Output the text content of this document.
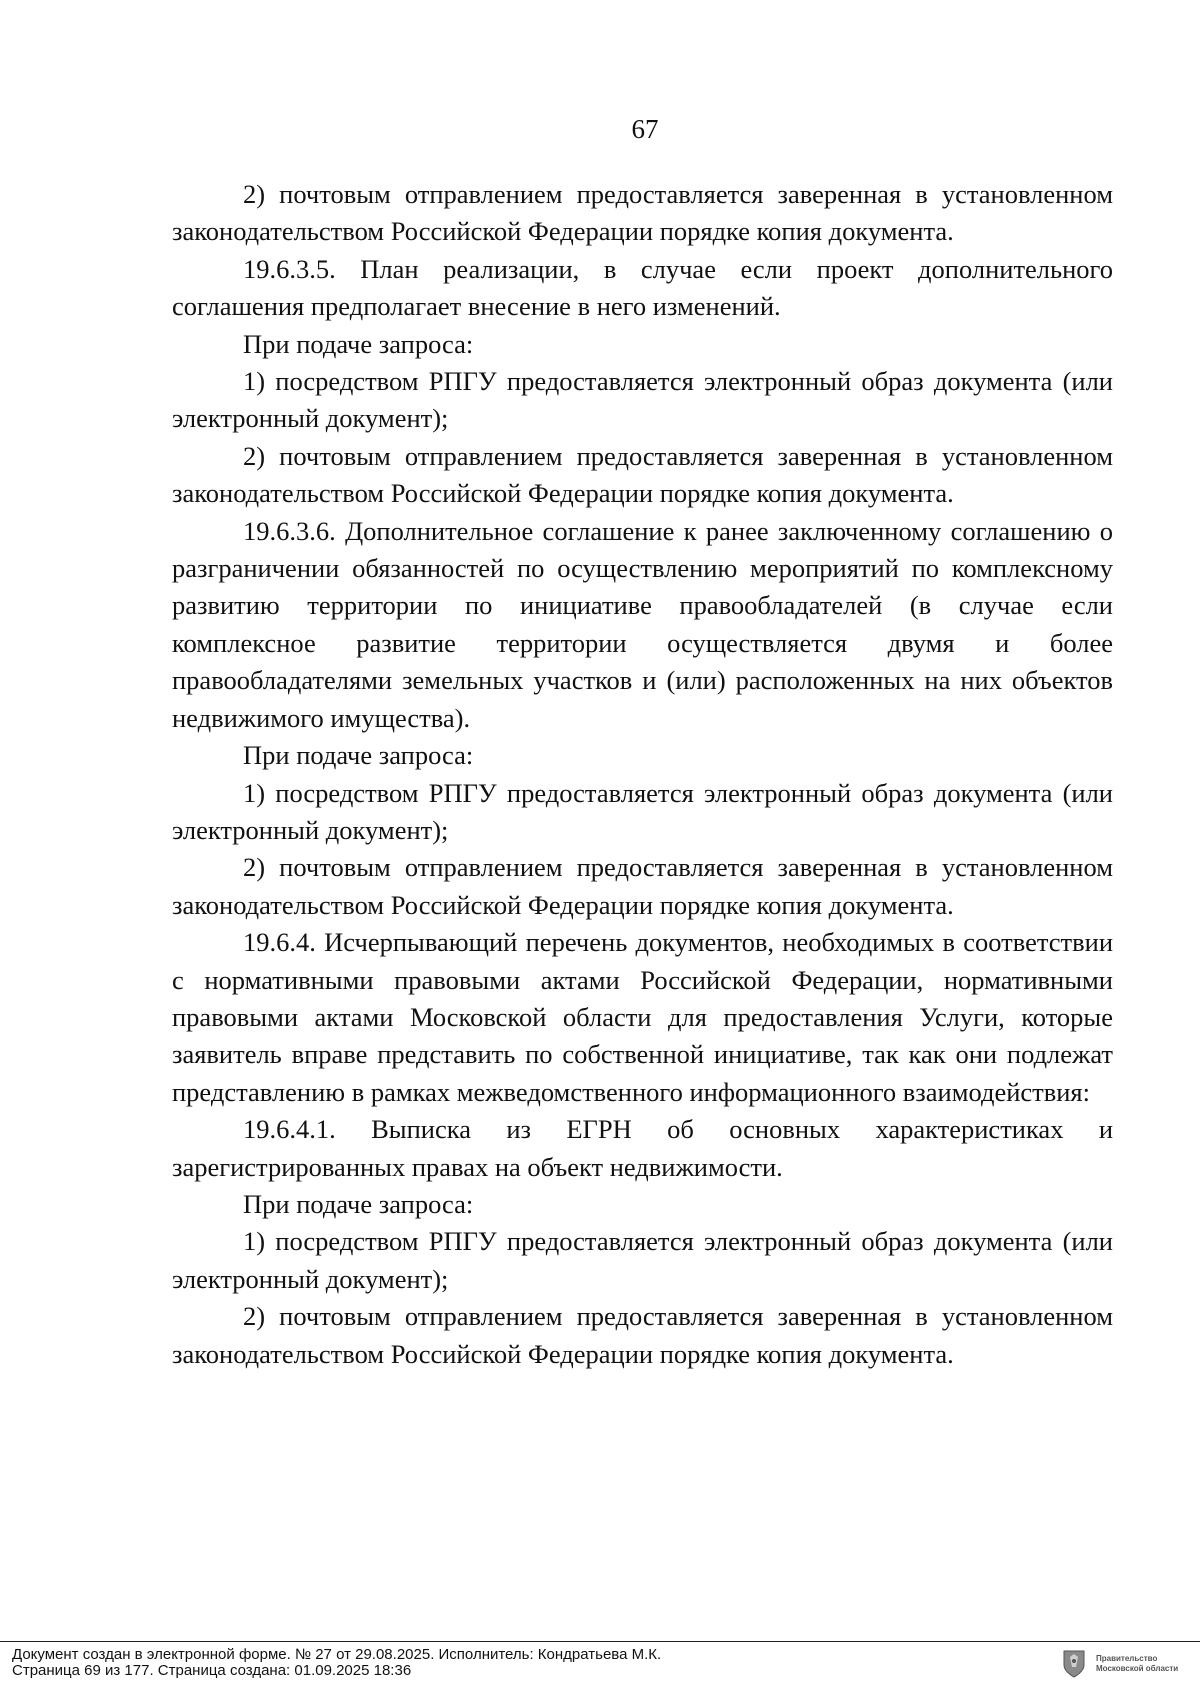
67

2) почтовым отправлением предоставляется заверенная в установленном законодательством Российской Федерации порядке копия документа.

19.6.3.5. План реализации, в случае если проект дополнительного соглашения предполагает внесение в него изменений.

При подаче запроса:

1) посредством РПГУ предоставляется электронный образ документа (или электронный документ);

2) почтовым отправлением предоставляется заверенная в установленном законодательством Российской Федерации порядке копия документа.

19.6.3.6. Дополнительное соглашение к ранее заключенному соглашению о разграничении обязанностей по осуществлению мероприятий по комплексному развитию территории по инициативе правообладателей (в случае если комплексное развитие территории осуществляется двумя и более правообладателями земельных участков и (или) расположенных на них объектов недвижимого имущества).

При подаче запроса:

1) посредством РПГУ предоставляется электронный образ документа (или электронный документ);

2) почтовым отправлением предоставляется заверенная в установленном законодательством Российской Федерации порядке копия документа.

19.6.4. Исчерпывающий перечень документов, необходимых в соответствии с нормативными правовыми актами Российской Федерации, нормативными правовыми актами Московской области для предоставления Услуги, которые заявитель вправе представить по собственной инициативе, так как они подлежат представлению в рамках межведомственного информационного взаимодействия:

19.6.4.1. Выписка из ЕГРН об основных характеристиках и зарегистрированных правах на объект недвижимости.

При подаче запроса:

1) посредством РПГУ предоставляется электронный образ документа (или электронный документ);

2) почтовым отправлением предоставляется заверенная в установленном законодательством Российской Федерации порядке копия документа.

Документ создан в электронной форме. № 27 от 29.08.2025. Исполнитель: Кондратьева М.К.
Страница 69 из 177. Страница создана: 01.09.2025 18:36
Правительство
Московской области
